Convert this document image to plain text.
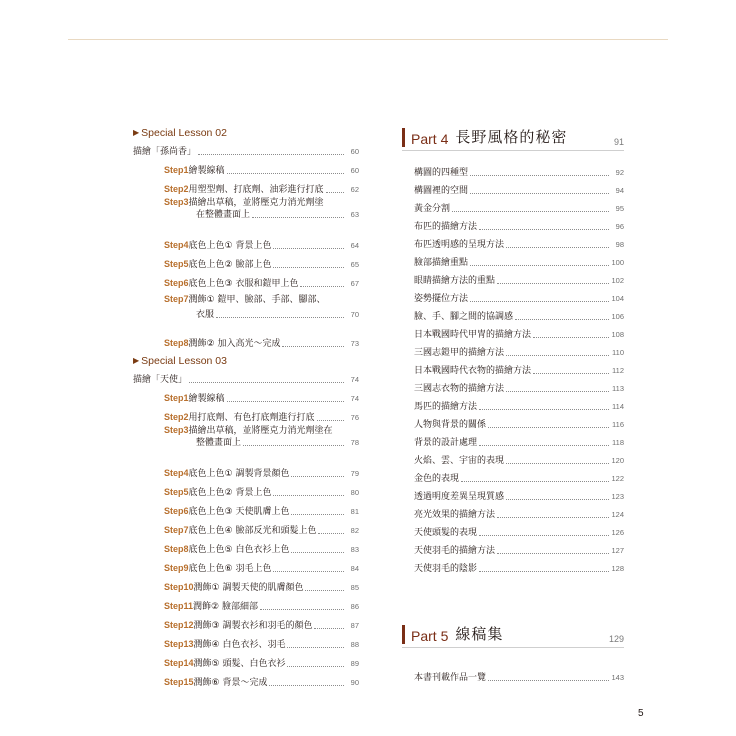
▶ Special Lesson 02
描繪「孫尚香」	60
Step1繪製線稿	60
Step2用塑型劑、打底劑、油彩進行打底	62
Step3描繪出草稿，並將壓克力消光劑塗
在整體畫面上	63
Step4底色上色① 背景上色	64
Step5底色上色② 臉部上色	65
Step6底色上色③ 衣服和鎧甲上色	67
Step7潤飾① 鎧甲、臉部、手部、腳部、
衣服	70
Step8潤飾② 加入高光～完成	73
▶ Special Lesson 03
描繪「天使」	74
Step1繪製線稿	74
Step2用打底劑、有色打底劑進行打底	76
Step3描繪出草稿，並將壓克力消光劑塗在
整體畫面上	78
Step4底色上色① 調製背景顏色	79
Step5底色上色② 背景上色	80
Step6底色上色③ 天使肌膚上色	81
Step7底色上色④ 臉部反光和頭髮上色	82
Step8底色上色⑤ 白色衣衫上色	83
Step9底色上色⑥ 羽毛上色	84
Step10潤飾① 調製天使的肌膚顏色	85
Step11潤飾② 臉部細部	86
Step12潤飾③ 調製衣衫和羽毛的顏色	87
Step13潤飾④ 白色衣衫、羽毛	88
Step14潤飾⑤ 頭髮、白色衣衫	89
Step15潤飾⑥ 背景～完成	90
Part 4 長野風格的秘密	91
構圖的四種型	92
構圖裡的空間	94
黃金分割	95
布匹的描繪方法	96
布匹透明感的呈現方法	98
臉部描繪重點	100
眼睛描繪方法的重點	102
姿勢擺位方法	104
臉、手、腳之間的協調感	106
日本戰國時代甲冑的描繪方法	108
三國志鎧甲的描繪方法	110
日本戰國時代衣物的描繪方法	112
三國志衣物的描繪方法	113
馬匹的描繪方法	114
人物與背景的關係	116
背景的設計處理	118
火焰、雲、宇宙的表現	120
金色的表現	122
透過明度差異呈現質感	123
亮光效果的描繪方法	124
天使頭髮的表現	126
天使羽毛的描繪方法	127
天使羽毛的陰影	128
Part 5 線稿集	129
本書刊載作品一覽	143
5
